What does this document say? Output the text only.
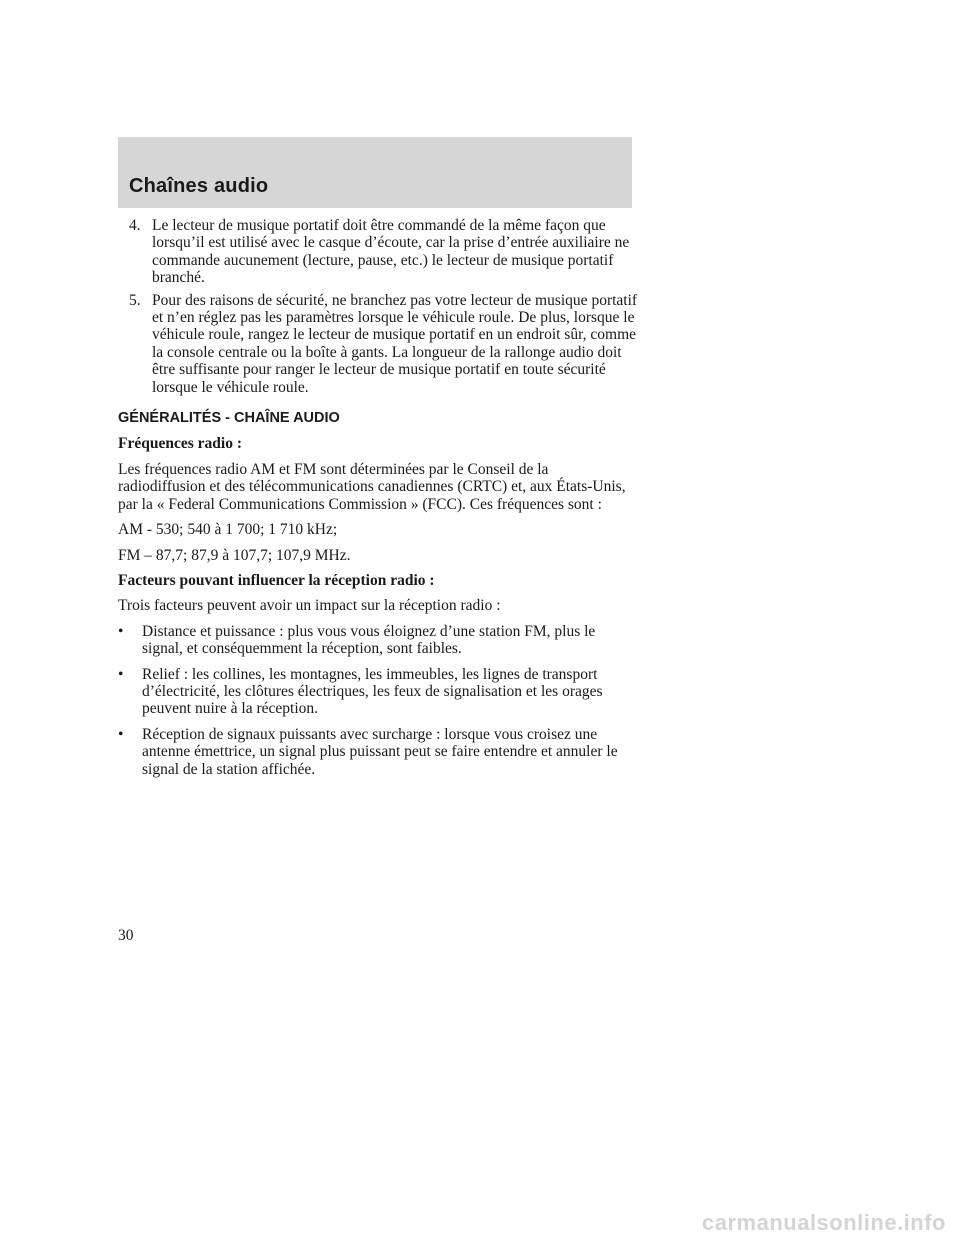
Chaînes audio
4. Le lecteur de musique portatif doit être commandé de la même façon que lorsqu’il est utilisé avec le casque d’écoute, car la prise d’entrée auxiliaire ne commande aucunement (lecture, pause, etc.) le lecteur de musique portatif branché.
5. Pour des raisons de sécurité, ne branchez pas votre lecteur de musique portatif et n’en réglez pas les paramètres lorsque le véhicule roule. De plus, lorsque le véhicule roule, rangez le lecteur de musique portatif en un endroit sûr, comme la console centrale ou la boîte à gants. La longueur de la rallonge audio doit être suffisante pour ranger le lecteur de musique portatif en toute sécurité lorsque le véhicule roule.
GÉNÉRALITÉS - CHAÎNE AUDIO
Fréquences radio :
Les fréquences radio AM et FM sont déterminées par le Conseil de la radiodiffusion et des télécommunications canadiennes (CRTC) et, aux États-Unis, par la « Federal Communications Commission » (FCC). Ces fréquences sont :
AM - 530; 540 à 1 700; 1 710 kHz;
FM – 87,7; 87,9 à 107,7; 107,9 MHz.
Facteurs pouvant influencer la réception radio :
Trois facteurs peuvent avoir un impact sur la réception radio :
• Distance et puissance : plus vous vous éloignez d’une station FM, plus le signal, et conséquemment la réception, sont faibles.
• Relief : les collines, les montagnes, les immeubles, les lignes de transport d’électricité, les clôtures électriques, les feux de signalisation et les orages peuvent nuire à la réception.
• Réception de signaux puissants avec surcharge : lorsque vous croisez une antenne émettrice, un signal plus puissant peut se faire entendre et annuler le signal de la station affichée.
30
carmanualsonline.info
